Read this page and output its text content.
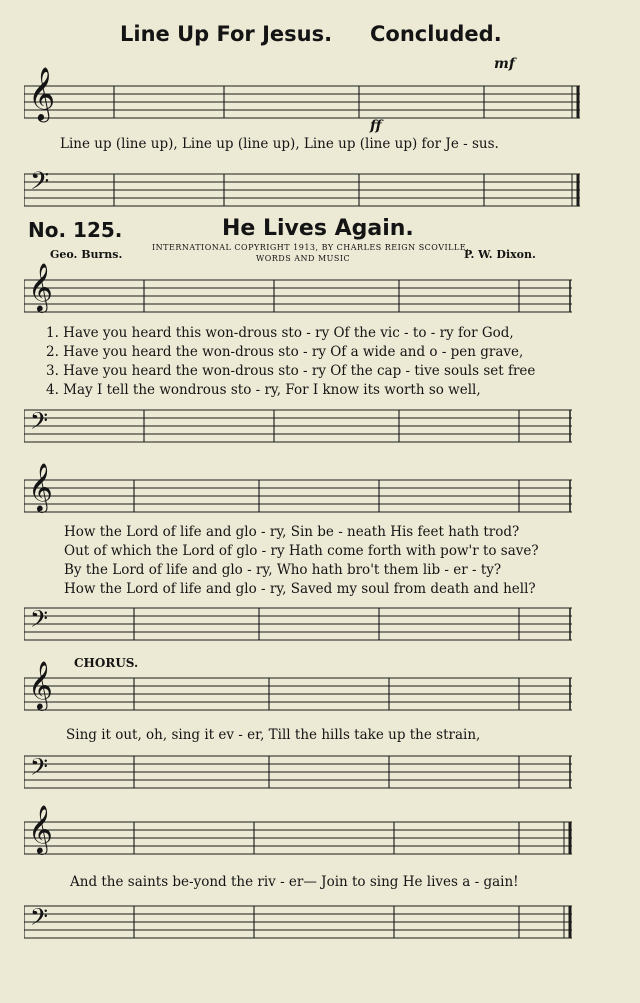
Line Up For Jesus. Concluded.
mf
𝄞
ff
Line up (line up), Line up (line up), Line up (line up) for Je - sus.
𝄢
No. 125.	He Lives Again.
Geo. Burns.
INTERNATIONAL COPYRIGHT 1913, BY CHARLES REIGN SCOVILLE.
WORDS AND MUSIC	P. W. Dixon.
𝄞
1. Have you heard this won-drous sto - ry Of the vic - to - ry for God,
2. Have you heard the won-drous sto - ry Of a wide and o - pen grave,
3. Have you heard the won-drous sto - ry Of the cap - tive souls set free
4. May I tell the wondrous sto - ry, For I know its worth so well,
𝄢
𝄞
How the Lord of life and glo - ry, Sin be - neath His feet hath trod?
Out of which the Lord of glo - ry Hath come forth with pow'r to save?
By the Lord of life and glo - ry, Who hath bro't them lib - er - ty?
How the Lord of life and glo - ry, Saved my soul from death and hell?
𝄢
CHORUS.
𝄞
Sing it out, oh, sing it ev - er, Till the hills take up the strain,
𝄢
𝄞
And the saints be-yond the riv - er— Join to sing He lives a - gain!
𝄢
